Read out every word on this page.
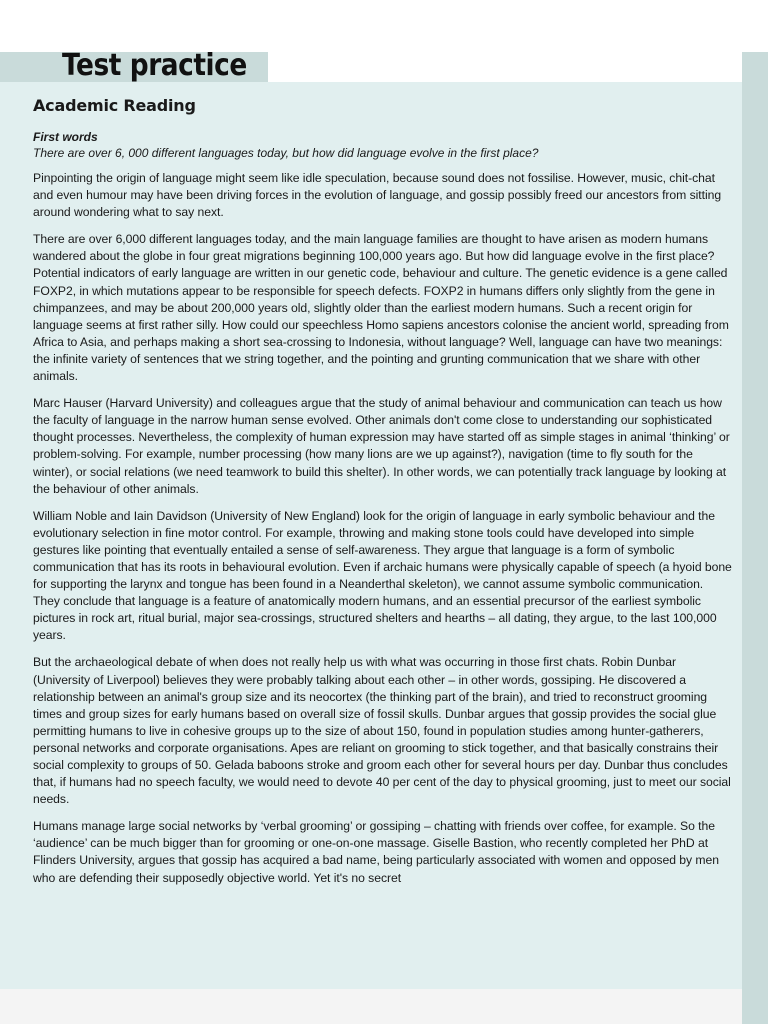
Test practice
Academic Reading
First words
There are over 6, 000 different languages today, but how did language evolve in the first place?

Pinpointing the origin of language might seem like idle speculation, because sound does not fossilise. However, music, chit-chat and even humour may have been driving forces in the evolution of language, and gossip possibly freed our ancestors from sitting around wondering what to say next.

There are over 6,000 different languages today, and the main language families are thought to have arisen as modern humans wandered about the globe in four great migrations beginning 100,000 years ago. But how did language evolve in the first place? Potential indicators of early language are written in our genetic code, behaviour and culture. The genetic evidence is a gene called FOXP2, in which mutations appear to be responsible for speech defects. FOXP2 in humans differs only slightly from the gene in chimpanzees, and may be about 200,000 years old, slightly older than the earliest modern humans. Such a recent origin for language seems at first rather silly. How could our speechless Homo sapiens ancestors colonise the ancient world, spreading from Africa to Asia, and perhaps making a short sea-crossing to Indonesia, without language? Well, language can have two meanings: the infinite variety of sentences that we string together, and the pointing and grunting communication that we share with other animals.

Marc Hauser (Harvard University) and colleagues argue that the study of animal behaviour and communication can teach us how the faculty of language in the narrow human sense evolved. Other animals don't come close to understanding our sophisticated thought processes. Nevertheless, the complexity of human expression may have started off as simple stages in animal ‘thinking’ or problem-solving. For example, number processing (how many lions are we up against?), navigation (time to fly south for the winter), or social relations (we need teamwork to build this shelter). In other words, we can potentially track language by looking at the behaviour of other animals.

William Noble and Iain Davidson (University of New England) look for the origin of language in early symbolic behaviour and the evolutionary selection in fine motor control. For example, throwing and making stone tools could have developed into simple gestures like pointing that eventually entailed a sense of self-awareness. They argue that language is a form of symbolic communication that has its roots in behavioural evolution. Even if archaic humans were physically capable of speech (a hyoid bone for supporting the larynx and tongue has been found in a Neanderthal skeleton), we cannot assume symbolic communication. They conclude that language is a feature of anatomically modern humans, and an essential precursor of the earliest symbolic pictures in rock art, ritual burial, major sea-crossings, structured shelters and hearths – all dating, they argue, to the last 100,000 years.

But the archaeological debate of when does not really help us with what was occurring in those first chats. Robin Dunbar (University of Liverpool) believes they were probably talking about each other – in other words, gossiping. He discovered a relationship between an animal's group size and its neocortex (the thinking part of the brain), and tried to reconstruct grooming times and group sizes for early humans based on overall size of fossil skulls. Dunbar argues that gossip provides the social glue permitting humans to live in cohesive groups up to the size of about 150, found in population studies among hunter-gatherers, personal networks and corporate organisations. Apes are reliant on grooming to stick together, and that basically constrains their social complexity to groups of 50. Gelada baboons stroke and groom each other for several hours per day. Dunbar thus concludes that, if humans had no speech faculty, we would need to devote 40 per cent of the day to physical grooming, just to meet our social needs.

Humans manage large social networks by ‘verbal grooming’ or gossiping – chatting with friends over coffee, for example. So the ‘audience’ can be much bigger than for grooming or one-on-one massage. Giselle Bastion, who recently completed her PhD at Flinders University, argues that gossip has acquired a bad name, being particularly associated with women and opposed by men who are defending their supposedly objective world. Yet it's no secret
